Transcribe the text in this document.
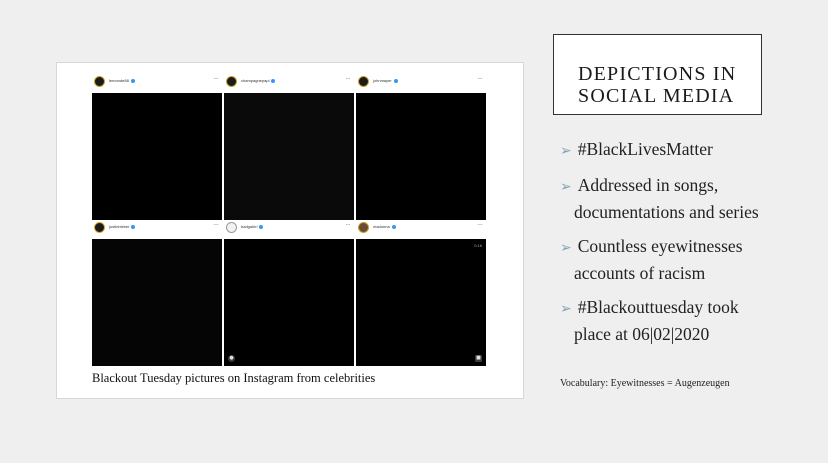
lemonde88	···	champagnepapi	···	johnmayer	···
justinbieber	···	badgalriri	···
●
madonna	···
0:16
■
Blackout Tuesday pictures on Instagram from celebrities
DEPICTIONS IN SOCIAL MEDIA
➢ #BlackLivesMatter
➢ Addressed in songs,
documentations and series
➢ Countless eyewitnesses
accounts of racism
➢ #Blackouttuesday took
place at 06|02|2020
Vocabulary: Eyewitnesses = Augenzeugen
